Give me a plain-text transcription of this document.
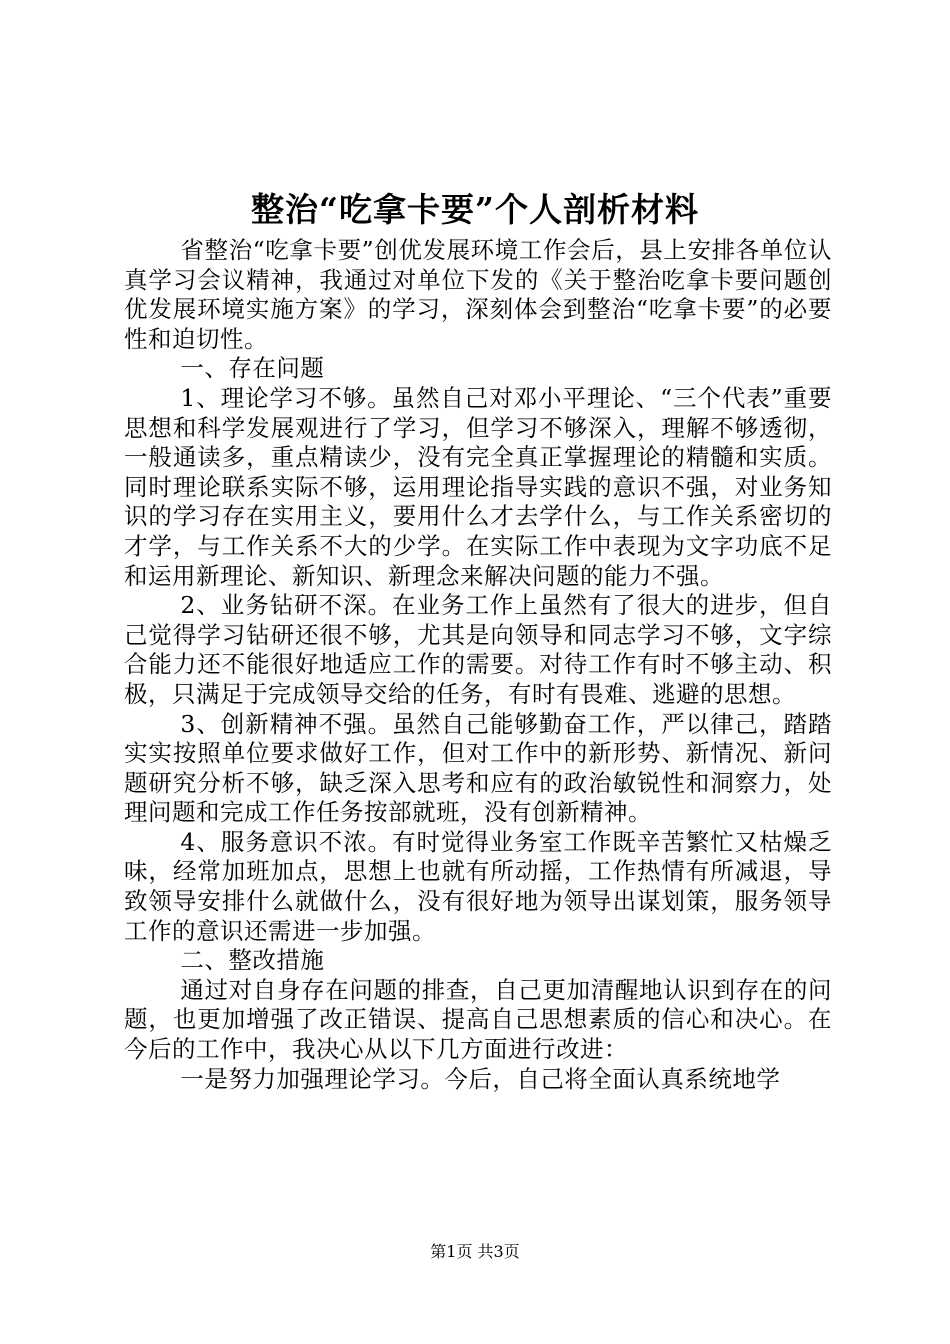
整治“吃拿卡要”个人剖析材料

省整治“吃拿卡要”创优发展环境工作会后，县上安排各单位认真学习会议精神，我通过对单位下发的《关于整治吃拿卡要问题创优发展环境实施方案》的学习，深刻体会到整治“吃拿卡要”的必要性和迫切性。

一、存在问题

1、理论学习不够。虽然自己对邓小平理论、“三个代表”重要思想和科学发展观进行了学习，但学习不够深入，理解不够透彻，一般通读多，重点精读少，没有完全真正掌握理论的精髓和实质。同时理论联系实际不够，运用理论指导实践的意识不强，对业务知识的学习存在实用主义，要用什么才去学什么，与工作关系密切的才学，与工作关系不大的少学。在实际工作中表现为文字功底不足和运用新理论、新知识、新理念来解决问题的能力不强。

2、业务钻研不深。在业务工作上虽然有了很大的进步，但自己觉得学习钻研还很不够，尤其是向领导和同志学习不够，文字综合能力还不能很好地适应工作的需要。对待工作有时不够主动、积极，只满足于完成领导交给的任务，有时有畏难、逃避的思想。

3、创新精神不强。虽然自己能够勤奋工作，严以律己，踏踏实实按照单位要求做好工作，但对工作中的新形势、新情况、新问题研究分析不够，缺乏深入思考和应有的政治敏锐性和洞察力，处理问题和完成工作任务按部就班，没有创新精神。

4、服务意识不浓。有时觉得业务室工作既辛苦繁忙又枯燥乏味，经常加班加点，思想上也就有所动摇，工作热情有所减退，导致领导安排什么就做什么，没有很好地为领导出谋划策，服务领导工作的意识还需进一步加强。

二、整改措施

通过对自身存在问题的排查，自己更加清醒地认识到存在的问题，也更加增强了改正错误、提高自己思想素质的信心和决心。在今后的工作中，我决心从以下几方面进行改进：

一是努力加强理论学习。今后，自己将全面认真系统地学

第1页 共3页
